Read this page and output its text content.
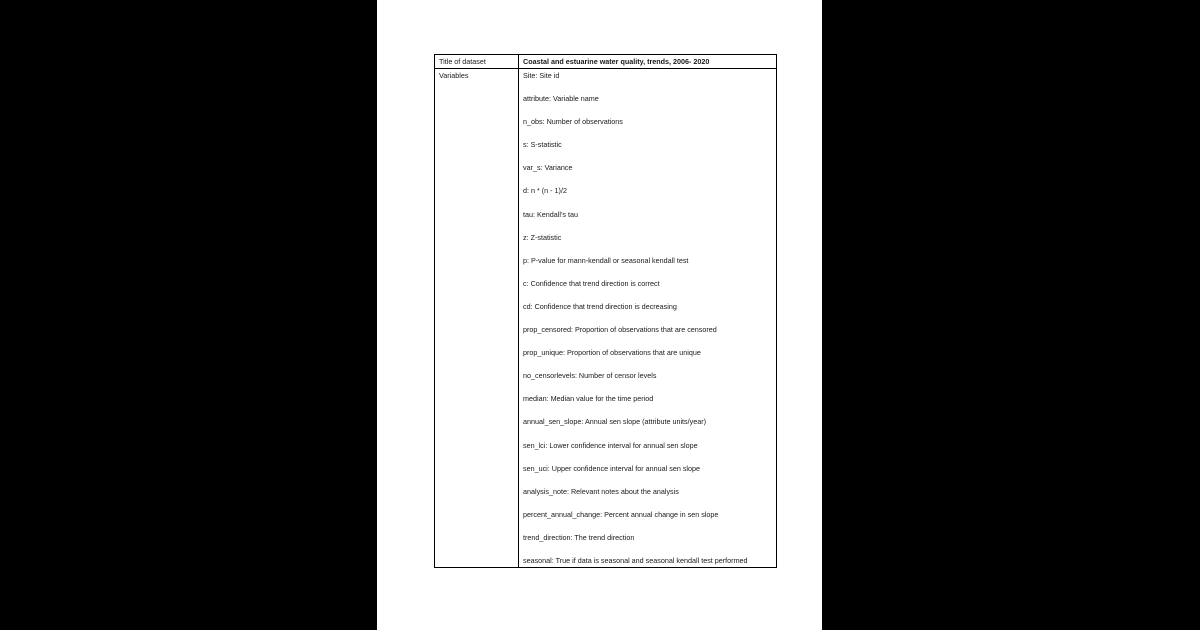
Title of dataset	Coastal and estuarine water quality, trends, 2006- 2020
Variables	Site: Site id
attribute: Variable name
n_obs: Number of observations
s: S-statistic
var_s: Variance
d: n * (n - 1)/2
tau: Kendall’s tau
z: Z-statistic
p: P-value for mann-kendall or seasonal kendall test
c: Confidence that trend direction is correct
cd: Confidence that trend direction is decreasing
prop_censored: Proportion of observations that are censored
prop_unique: Proportion of observations that are unique
no_censorlevels: Number of censor levels
median: Median value for the time period
annual_sen_slope: Annual sen slope (attribute units/year)
sen_lci: Lower confidence interval for annual sen slope
sen_uci: Upper confidence interval for annual sen slope
analysis_note: Relevant notes about the analysis
percent_annual_change: Percent annual change in sen slope
trend_direction: The trend direction
seasonal: True if data is seasonal and seasonal kendall test performed
